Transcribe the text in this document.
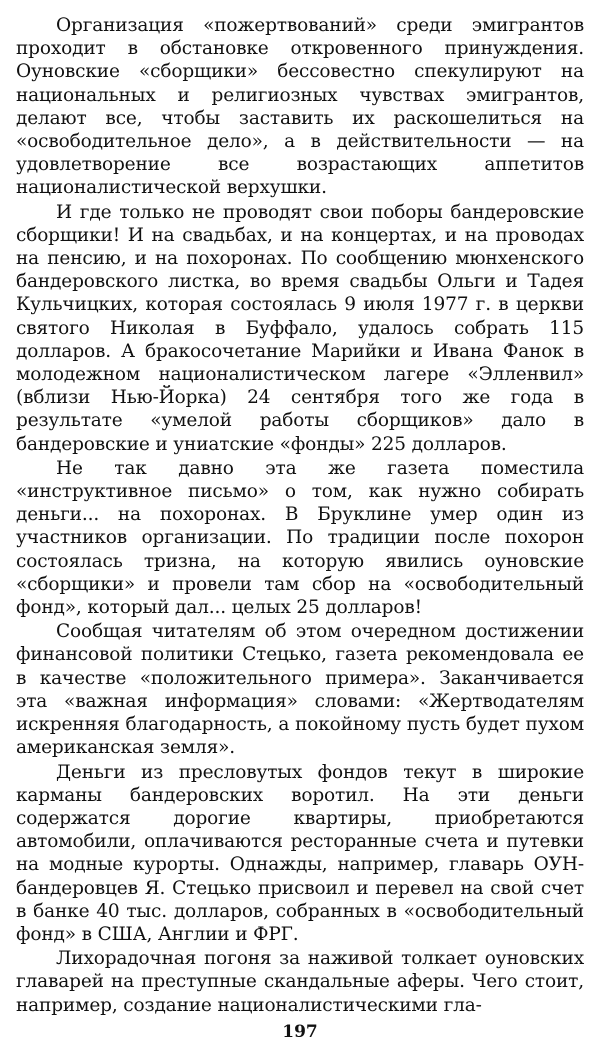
Организация «пожертвований» среди эмигрантов проходит в обстановке откровенного принуждения. Оуновские «сборщики» бессовестно спекулируют на национальных и религиозных чувствах эмигрантов, делают все, чтобы заставить их раскошелиться на «освободительное дело», а в действительности — на удовлетворение все возрастающих аппетитов националистической верхушки.

И где только не проводят свои поборы бандеровские сборщики! И на свадьбах, и на концертах, и на проводах на пенсию, и на похоронах. По сообщению мюнхенского бандеровского листка, во время свадьбы Ольги и Тадея Кульчицких, которая состоялась 9 июля 1977 г. в церкви святого Николая в Буффало, удалось собрать 115 долларов. А бракосочетание Марийки и Ивана Фанок в молодежном националистическом лагере «Элленвил» (вблизи Нью-Йорка) 24 сентября того же года в результате «умелой работы сборщиков» дало в бандеровские и униатские «фонды» 225 долларов.

Не так давно эта же газета поместила «инструктивное письмо» о том, как нужно собирать деньги... на похоронах. В Бруклине умер один из участников организации. По традиции после похорон состоялась тризна, на которую явились оуновские «сборщики» и провели там сбор на «освободительный фонд», который дал... целых 25 долларов!

Сообщая читателям об этом очередном достижении финансовой политики Стецько, газета рекомендовала ее в качестве «положительного примера». Заканчивается эта «важная информация» словами: «Жертводателям искренняя благодарность, а покойному пусть будет пухом американская земля».

Деньги из пресловутых фондов текут в широкие карманы бандеровских воротил. На эти деньги содержатся дорогие квартиры, приобретаются автомобили, оплачиваются ресторанные счета и путевки на модные курорты. Однажды, например, главарь ОУН-бандеровцев Я. Стецько присвоил и перевел на свой счет в банке 40 тыс. долларов, собранных в «освободительный фонд» в США, Англии и ФРГ.

Лихорадочная погоня за наживой толкает оуновских главарей на преступные скандальные аферы. Чего стоит, например, создание националистическими гла-

197
